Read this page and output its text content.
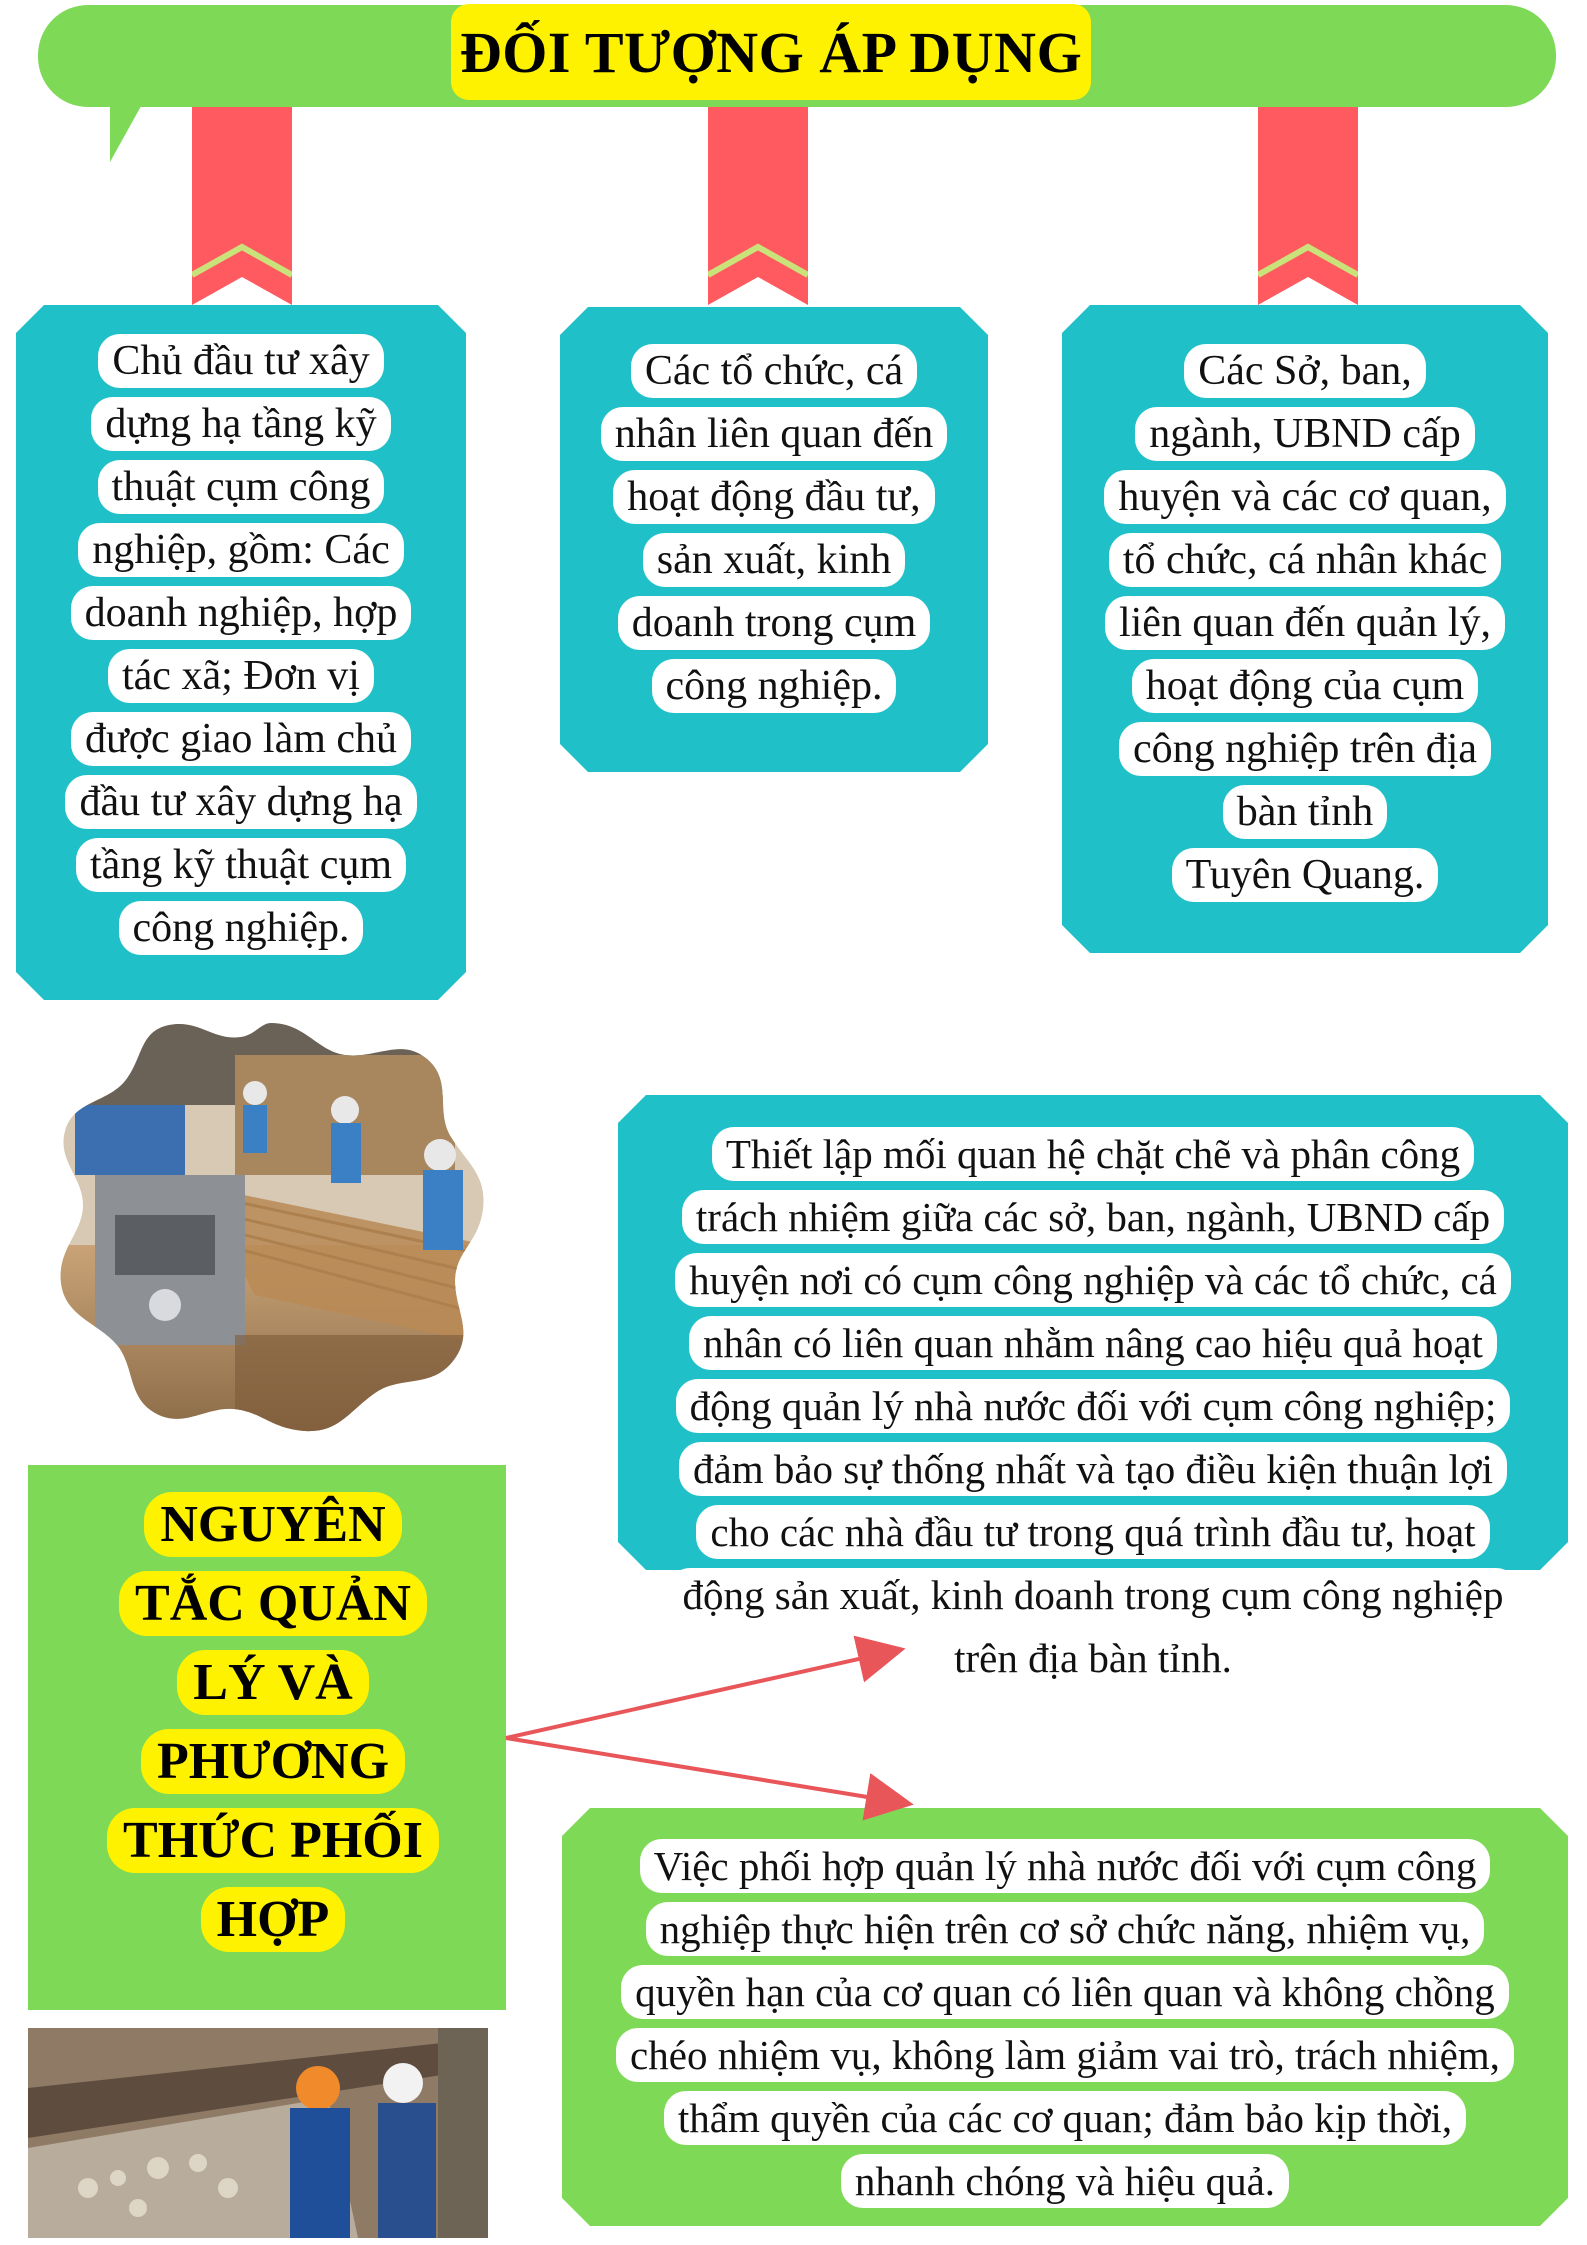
ĐỐI TƯỢNG ÁP DỤNG
Chủ đầu tư xây
dựng hạ tầng kỹ
thuật cụm công
nghiệp, gồm: Các
doanh nghiệp, hợp
tác xã; Đơn vị
được giao làm chủ
đầu tư xây dựng hạ
tầng kỹ thuật cụm
công nghiệp.
Các tổ chức, cá
nhân liên quan đến
hoạt động đầu tư,
sản xuất, kinh
doanh trong cụm
công nghiệp.
Các Sở, ban,
ngành, UBND cấp
huyện và các cơ quan,
tổ chức, cá nhân khác
liên quan đến quản lý,
hoạt động của cụm
công nghiệp trên địa
bàn tỉnh
Tuyên Quang.
NGUYÊN
TẮC QUẢN
LÝ VÀ
PHƯƠNG
THỨC PHỐI
HỢP
Thiết lập mối quan hệ chặt chẽ và phân công
trách nhiệm giữa các sở, ban, ngành, UBND cấp
huyện nơi có cụm công nghiệp và các tổ chức, cá
nhân có liên quan nhằm nâng cao hiệu quả hoạt
động quản lý nhà nước đối với cụm công nghiệp;
đảm bảo sự thống nhất và tạo điều kiện thuận lợi
cho các nhà đầu tư trong quá trình đầu tư, hoạt
động sản xuất, kinh doanh trong cụm công nghiệp
trên địa bàn tỉnh.
Việc phối hợp quản lý nhà nước đối với cụm công
nghiệp thực hiện trên cơ sở chức năng, nhiệm vụ,
quyền hạn của cơ quan có liên quan và không chồng
chéo nhiệm vụ, không làm giảm vai trò, trách nhiệm,
thẩm quyền của các cơ quan; đảm bảo kịp thời,
nhanh chóng và hiệu quả.
